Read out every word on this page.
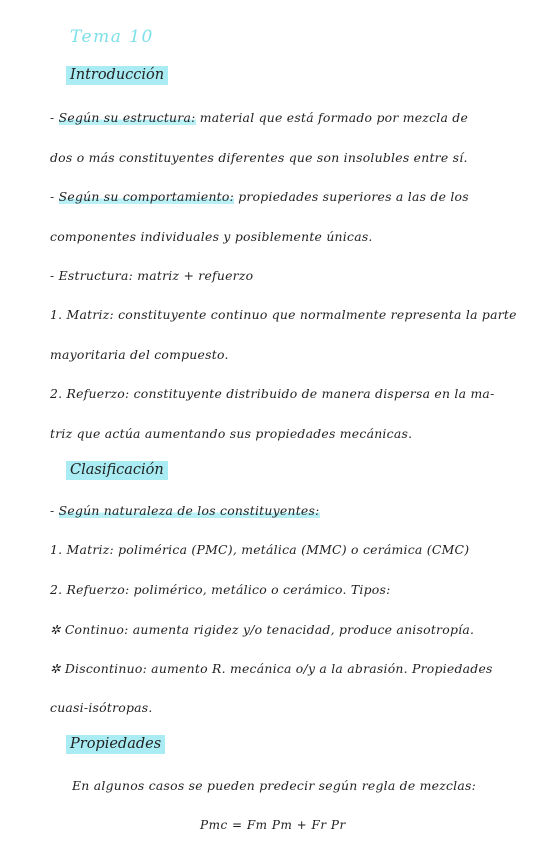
Tema 10
Introducción
- Según su estructura: material que está formado por mezcla de
dos o más constituyentes diferentes que son insolubles entre sí.
- Según su comportamiento: propiedades superiores a las de los
componentes individuales y posiblemente únicas.
- Estructura: matriz + refuerzo
1. Matriz: constituyente continuo que normalmente representa la parte
mayoritaria del compuesto.
2. Refuerzo: constituyente distribuido de manera dispersa en la ma-
triz que actúa aumentando sus propiedades mecánicas.
Clasificación
- Según naturaleza de los constituyentes:
1. Matriz: polimérica (PMC), metálica (MMC) o cerámica (CMC)
2. Refuerzo: polimérico, metálico o cerámico. Tipos:
✲ Continuo: aumenta rigidez y/o tenacidad, produce anisotropía.
✲ Discontinuo: aumento R. mecánica o/y a la abrasión. Propiedades
cuasi-isótropas.
Propiedades
En algunos casos se pueden predecir según regla de mezclas:
Pmc = Fm Pm + Fr Pr
